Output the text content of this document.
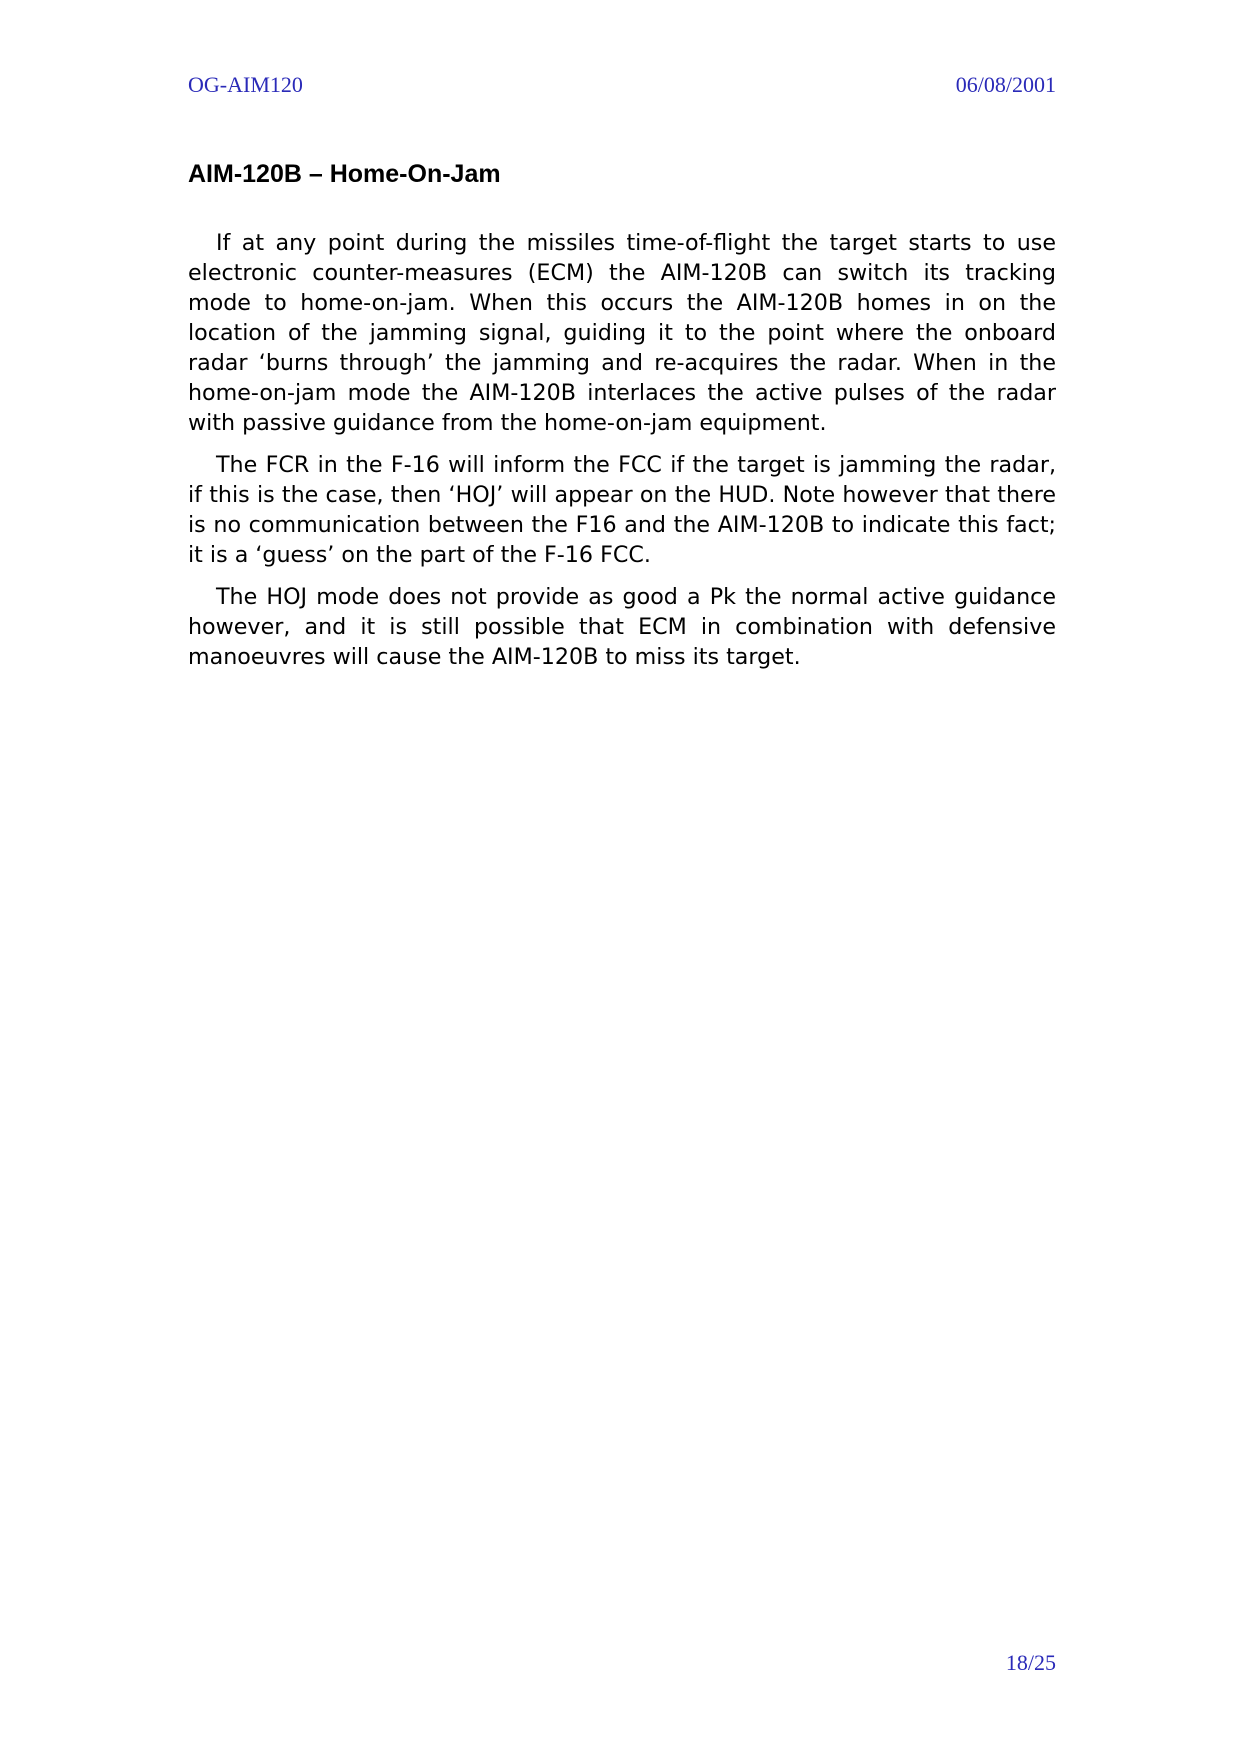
OG-AIM120	06/08/2001
AIM-120B – Home-On-Jam

If at any point during the missiles time-of-flight the target starts to use electronic counter-measures (ECM) the AIM-120B can switch its tracking mode to home-on-jam. When this occurs the AIM-120B homes in on the location of the jamming signal, guiding it to the point where the onboard radar ‘burns through’ the jamming and re-acquires the radar. When in the home-on-jam mode the AIM-120B interlaces the active pulses of the radar with passive guidance from the home-on-jam equipment.

The FCR in the F-16 will inform the FCC if the target is jamming the radar, if this is the case, then ‘HOJ’ will appear on the HUD. Note however that there is no communication between the F16 and the AIM-120B to indicate this fact; it is a ‘guess’ on the part of the F-16 FCC.

The HOJ mode does not provide as good a Pk the normal active guidance however, and it is still possible that ECM in combination with defensive manoeuvres will cause the AIM-120B to miss its target.

18/25
